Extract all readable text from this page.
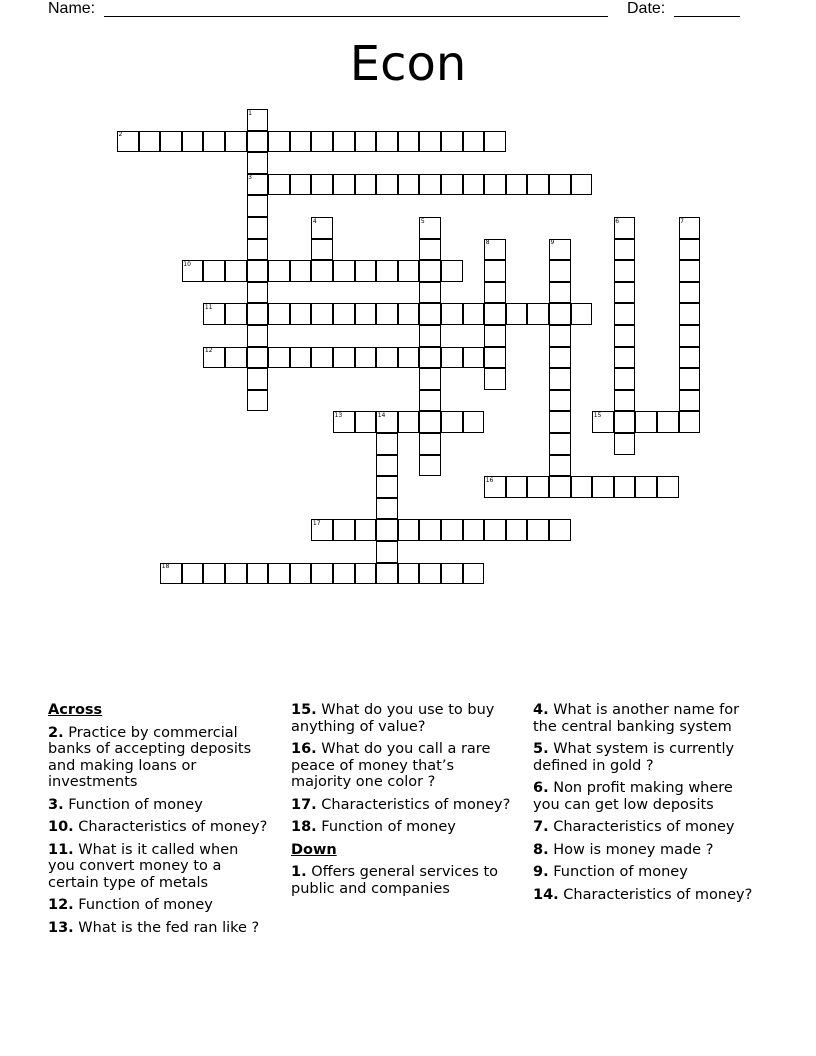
Name:	Date:
Econ
1
3
2
4	5	6	7
8	9
10
11
12
13	14	15
16
17
18
Across
2. Practice by commercial banks of accepting deposits and making loans or investments
3. Function of money
10. Characteristics of money?
11. What is it called when you convert money to a certain type of metals
12. Function of money
13. What is the fed ran like ?
15. What do you use to buy anything of value?
16. What do you call a rare peace of money that’s majority one color ?
17. Characteristics of money?
18. Function of money
Down
1. Offers general services to public and companies
4. What is another name for the central banking system
5. What system is currently defined in gold ?
6. Non profit making where you can get low deposits
7. Characteristics of money
8. How is money made ?
9. Function of money
14. Characteristics of money?
